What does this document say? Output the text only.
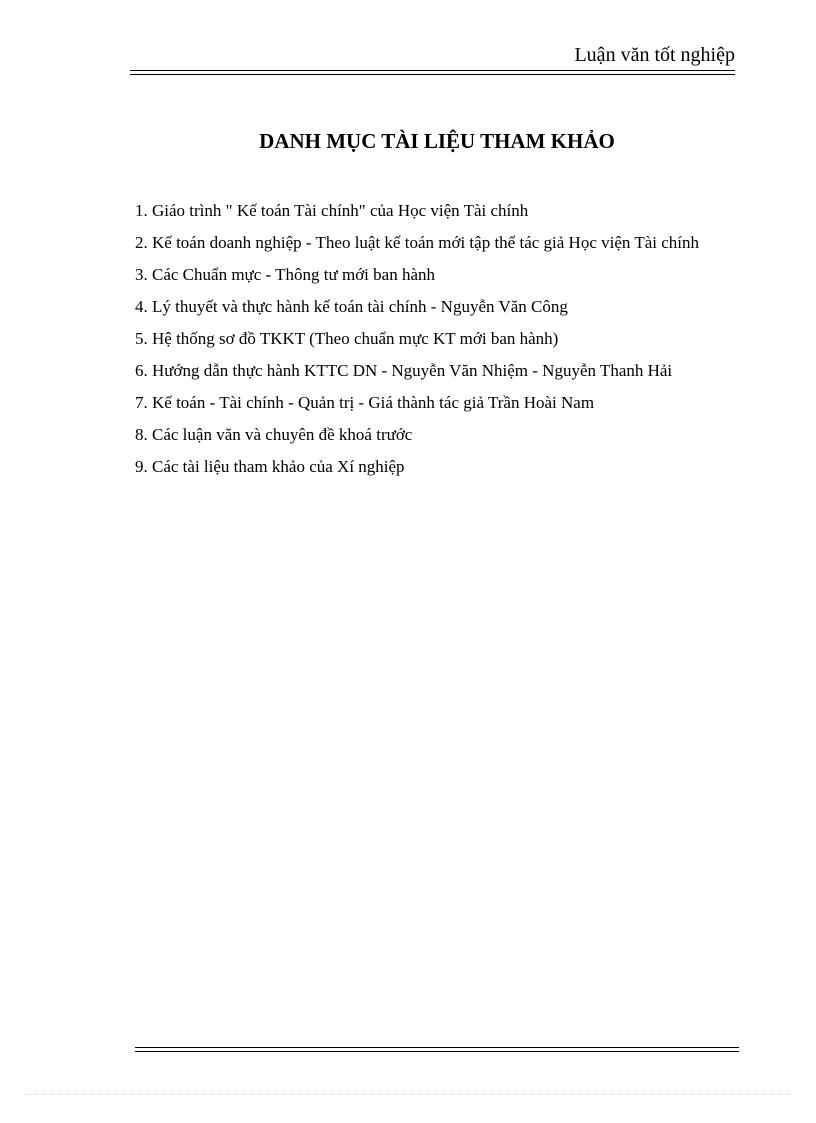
Luận văn tốt nghiệp
DANH MỤC TÀI LIỆU THAM KHẢO
1. Giáo trình " Kế toán Tài chính" của Học viện Tài chính
2. Kế toán doanh nghiệp - Theo luật kế toán mới tập thể tác giả Học viện Tài chính
3. Các Chuẩn mực - Thông tư mới ban hành
4. Lý thuyết và thực hành kế toán tài chính - Nguyễn Văn Công
5. Hệ thống sơ đồ TKKT (Theo chuẩn mực KT mới ban hành)
6. Hướng dẫn thực hành KTTC DN - Nguyễn Văn Nhiệm - Nguyễn Thanh Hải
7. Kế toán - Tài chính - Quản trị - Giá thành tác giả Trần Hoài Nam
8. Các luận văn và chuyên đề khoá trước
9. Các tài liệu tham khảo của Xí nghiệp
